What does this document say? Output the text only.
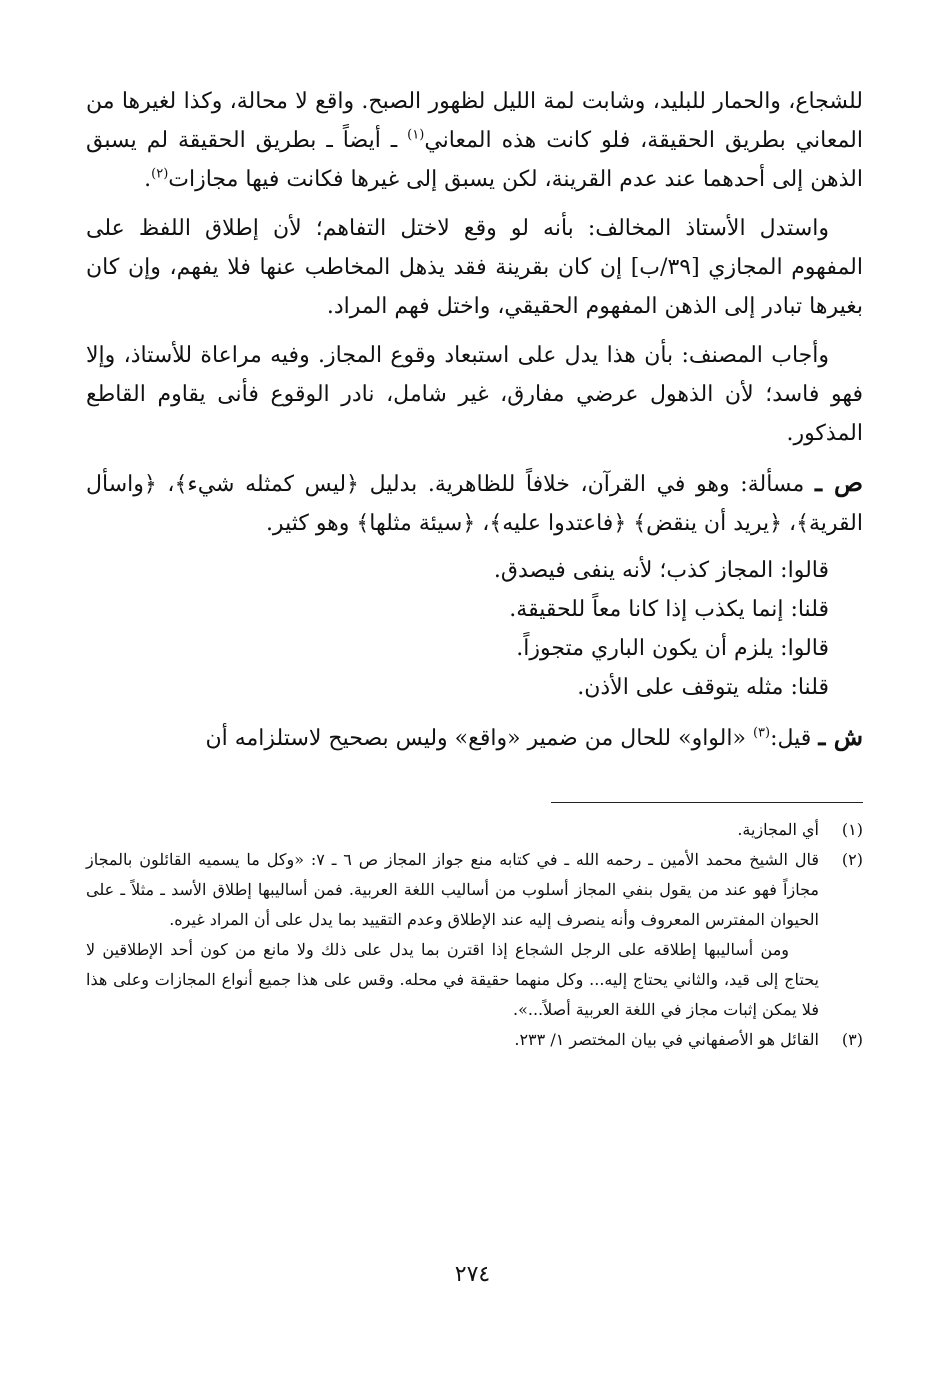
للشجاع، والحمار للبليد، وشابت لمة الليل لظهور الصبح. واقع لا محالة، وكذا لغيرها من المعاني بطريق الحقيقة، فلو كانت هذه المعاني$^{(١)}$ ـ أيضاً ـ بطريق الحقيقة لم يسبق الذهن إلى أحدهما عند عدم القرينة، لكن يسبق إلى غيرها فكانت فيها مجازات$^{(٢)}$.

واستدل الأستاذ المخالف: بأنه لو وقع لاختل التفاهم؛ لأن إطلاق اللفظ على المفهوم المجازي [٣٩/ب] إن كان بقرينة فقد يذهل المخاطب عنها فلا يفهم، وإن كان بغيرها تبادر إلى الذهن المفهوم الحقيقي، واختل فهم المراد.

وأجاب المصنف: بأن هذا يدل على استبعاد وقوع المجاز. وفيه مراعاة للأستاذ، وإلا فهو فاسد؛ لأن الذهول عرضي مفارق، غير شامل، نادر الوقوع فأنى يقاوم القاطع المذكور.

ص ـ مسألة: وهو في القرآن، خلافاً للظاهرية. بدليل ﴿ليس كمثله شيء﴾، ﴿واسأل القرية﴾، ﴿يريد أن ينقض﴾ ﴿فاعتدوا عليه﴾، ﴿سيئة مثلها﴾ وهو كثير.

قالوا: المجاز كذب؛ لأنه ينفى فيصدق.
قلنا: إنما يكذب إذا كانا معاً للحقيقة.
قالوا: يلزم أن يكون الباري متجوزاً.
قلنا: مثله يتوقف على الأذن.

ش ـ قيل:$^{(٣)}$ «الواو» للحال من ضمير «واقع» وليس بصحيح لاستلزامه أن

(١)
أي المجازية.

(٢)
قال الشيخ محمد الأمين ـ رحمه الله ـ في كتابه منع جواز المجاز ص ٦ ـ ٧: «وكل ما يسميه القائلون بالمجاز مجازاً فهو عند من يقول بنفي المجاز أسلوب من أساليب اللغة العربية. فمن أساليبها إطلاق الأسد ـ مثلاً ـ على الحيوان المفترس المعروف وأنه ينصرف إليه عند الإطلاق وعدم التقييد بما يدل على أن المراد غيره.
ومن أساليبها إطلاقه على الرجل الشجاع إذا اقترن بما يدل على ذلك ولا مانع من كون أحد الإطلاقين لا يحتاج إلى قيد، والثاني يحتاج إليه... وكل منهما حقيقة في محله. وقس على هذا جميع أنواع المجازات وعلى هذا فلا يمكن إثبات مجاز في اللغة العربية أصلاً...».

(٣)
القائل هو الأصفهاني في بيان المختصر ١/ ٢٣٣.

٢٧٤
